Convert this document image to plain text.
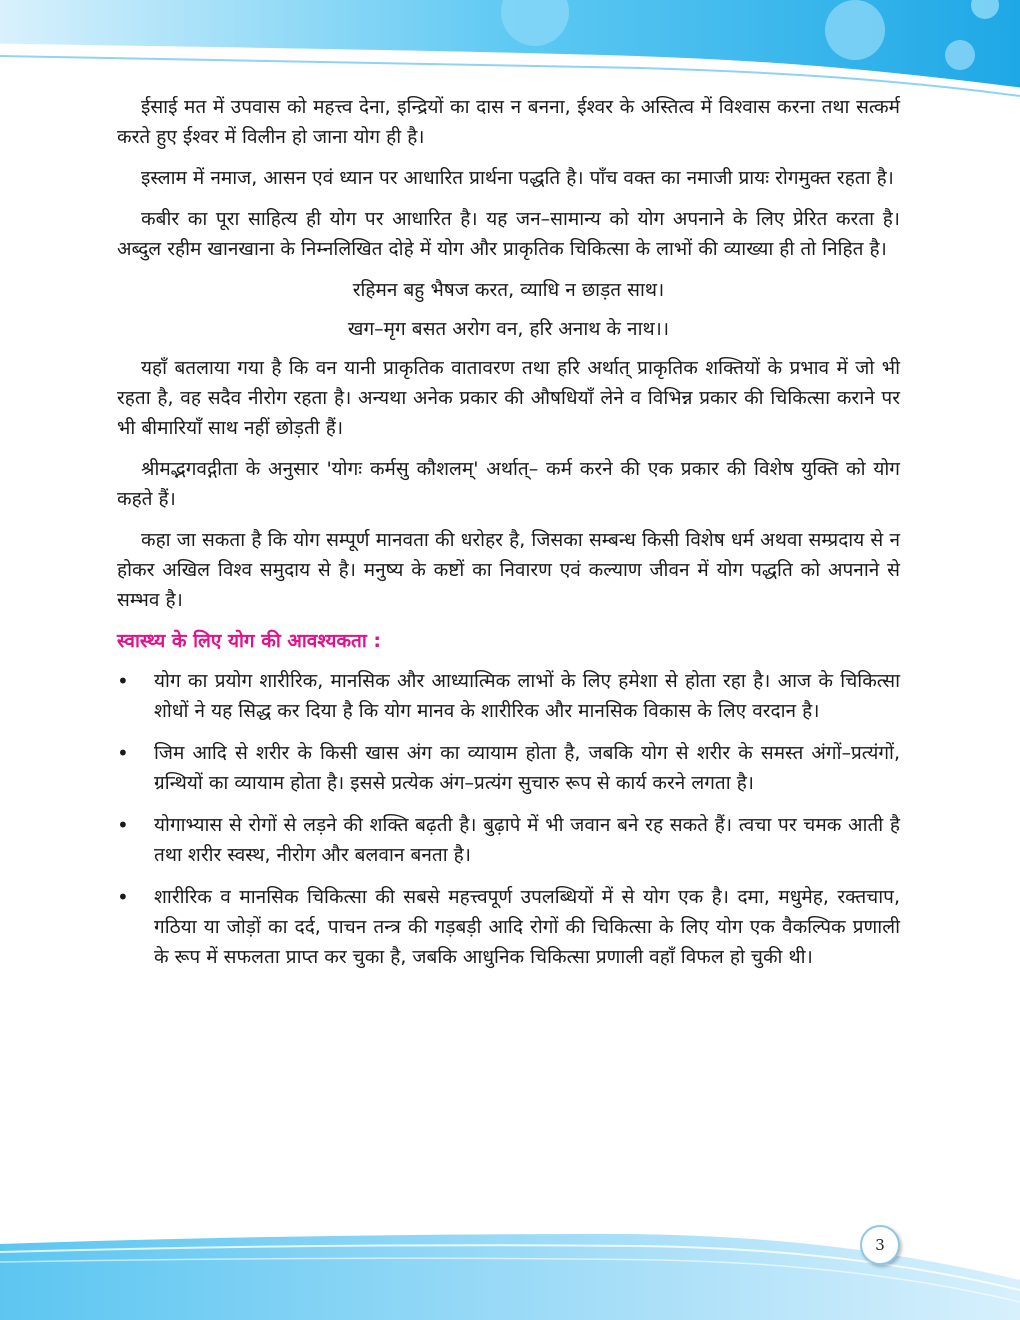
ईसाई मत में उपवास को महत्त्व देना, इन्द्रियों का दास न बनना, ईश्वर के अस्तित्व में विश्वास करना तथा सत्कर्म करते हुए ईश्वर में विलीन हो जाना योग ही है।

इस्लाम में नमाज, आसन एवं ध्यान पर आधारित प्रार्थना पद्धति है। पाँच वक्त का नमाजी प्रायः रोगमुक्त रहता है।

कबीर का पूरा साहित्य ही योग पर आधारित है। यह जन–सामान्य को योग अपनाने के लिए प्रेरित करता है। अब्दुल रहीम खानखाना के निम्नलिखित दोहे में योग और प्राकृतिक चिकित्सा के लाभों की व्याख्या ही तो निहित है।

रहिमन बहु भैषज करत, व्याधि न छाड़त साथ।

खग–मृग बसत अरोग वन, हरि अनाथ के नाथ।।

यहाँ बतलाया गया है कि वन यानी प्राकृतिक वातावरण तथा हरि अर्थात् प्राकृतिक शक्तियों के प्रभाव में जो भी रहता है, वह सदैव नीरोग रहता है। अन्यथा अनेक प्रकार की औषधियाँ लेने व विभिन्न प्रकार की चिकित्सा कराने पर भी बीमारियाँ साथ नहीं छोड़ती हैं।

श्रीमद्भगवद्गीता के अनुसार 'योगः कर्मसु कौशलम्' अर्थात्– कर्म करने की एक प्रकार की विशेष युक्ति को योग कहते हैं।

कहा जा सकता है कि योग सम्पूर्ण मानवता की धरोहर है, जिसका सम्बन्ध किसी विशेष धर्म अथवा सम्प्रदाय से न होकर अखिल विश्व समुदाय से है। मनुष्य के कष्टों का निवारण एवं कल्याण जीवन में योग पद्धति को अपनाने से सम्भव है।

स्वास्थ्य के लिए योग की आवश्यकता :
• योग का प्रयोग शारीरिक, मानसिक और आध्यात्मिक लाभों के लिए हमेशा से होता रहा है। आज के चिकित्सा शोधों ने यह सिद्ध कर दिया है कि योग मानव के शारीरिक और मानसिक विकास के लिए वरदान है।
• जिम आदि से शरीर के किसी खास अंग का व्यायाम होता है, जबकि योग से शरीर के समस्त अंगों–प्रत्यंगों, ग्रन्थियों का व्यायाम होता है। इससे प्रत्येक अंग–प्रत्यंग सुचारु रूप से कार्य करने लगता है।
• योगाभ्यास से रोगों से लड़ने की शक्ति बढ़ती है। बुढ़ापे में भी जवान बने रह सकते हैं। त्वचा पर चमक आती है तथा शरीर स्वस्थ, नीरोग और बलवान बनता है।
• शारीरिक व मानसिक चिकित्सा की सबसे महत्त्वपूर्ण उपलब्धियों में से योग एक है। दमा, मधुमेह, रक्तचाप, गठिया या जोड़ों का दर्द, पाचन तन्त्र की गड़बड़ी आदि रोगों की चिकित्सा के लिए योग एक वैकल्पिक प्रणाली के रूप में सफलता प्राप्त कर चुका है, जबकि आधुनिक चिकित्सा प्रणाली वहाँ विफल हो चुकी थी।
3
